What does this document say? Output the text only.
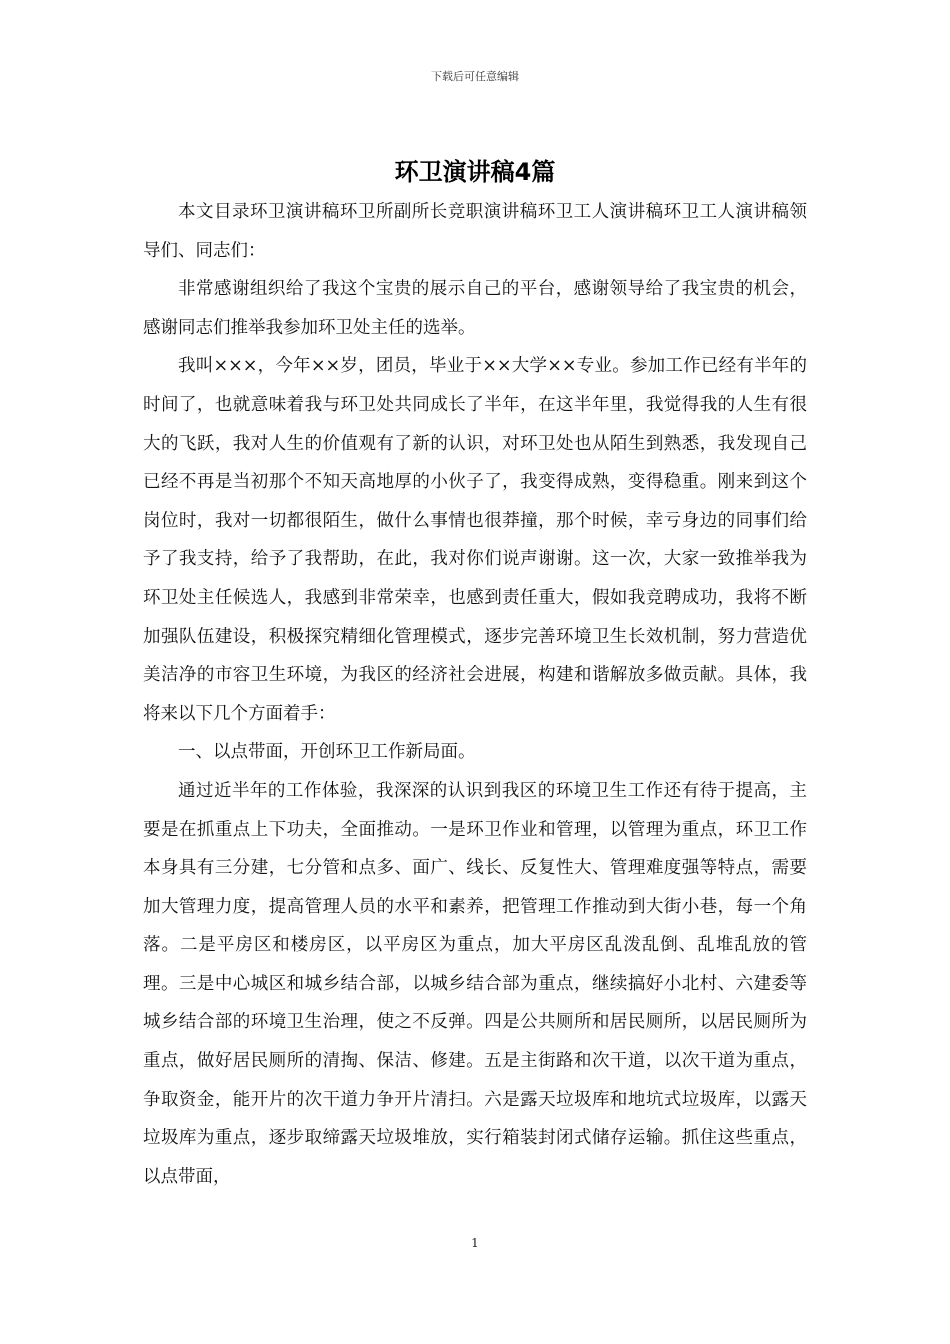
下载后可任意编辑
环卫演讲稿4篇

本文目录环卫演讲稿环卫所副所长竞职演讲稿环卫工人演讲稿环卫工人演讲稿领导们、同志们：

非常感谢组织给了我这个宝贵的展示自己的平台，感谢领导给了我宝贵的机会，感谢同志们推举我参加环卫处主任的选举。

我叫×××，今年××岁，团员，毕业于××大学××专业。参加工作已经有半年的时间了，也就意味着我与环卫处共同成长了半年，在这半年里，我觉得我的人生有很大的飞跃，我对人生的价值观有了新的认识，对环卫处也从陌生到熟悉，我发现自己已经不再是当初那个不知天高地厚的小伙子了，我变得成熟，变得稳重。刚来到这个岗位时，我对一切都很陌生，做什么事情也很莽撞，那个时候，幸亏身边的同事们给予了我支持，给予了我帮助，在此，我对你们说声谢谢。这一次，大家一致推举我为环卫处主任候选人，我感到非常荣幸，也感到责任重大，假如我竞聘成功，我将不断加强队伍建设，积极探究精细化管理模式，逐步完善环境卫生长效机制，努力营造优美洁净的市容卫生环境，为我区的经济社会进展，构建和谐解放多做贡献。具体，我将来以下几个方面着手：

一、以点带面，开创环卫工作新局面。

通过近半年的工作体验，我深深的认识到我区的环境卫生工作还有待于提高，主要是在抓重点上下功夫，全面推动。一是环卫作业和管理，以管理为重点，环卫工作本身具有三分建，七分管和点多、面广、线长、反复性大、管理难度强等特点，需要加大管理力度，提高管理人员的水平和素养，把管理工作推动到大街小巷，每一个角落。二是平房区和楼房区，以平房区为重点，加大平房区乱泼乱倒、乱堆乱放的管理。三是中心城区和城乡结合部，以城乡结合部为重点，继续搞好小北村、六建委等城乡结合部的环境卫生治理，使之不反弹。四是公共厕所和居民厕所，以居民厕所为重点，做好居民厕所的清掏、保洁、修建。五是主街路和次干道，以次干道为重点，争取资金，能开片的次干道力争开片清扫。六是露天垃圾库和地坑式垃圾库，以露天垃圾库为重点，逐步取缔露天垃圾堆放，实行箱装封闭式储存运输。抓住这些重点，以点带面，

1
